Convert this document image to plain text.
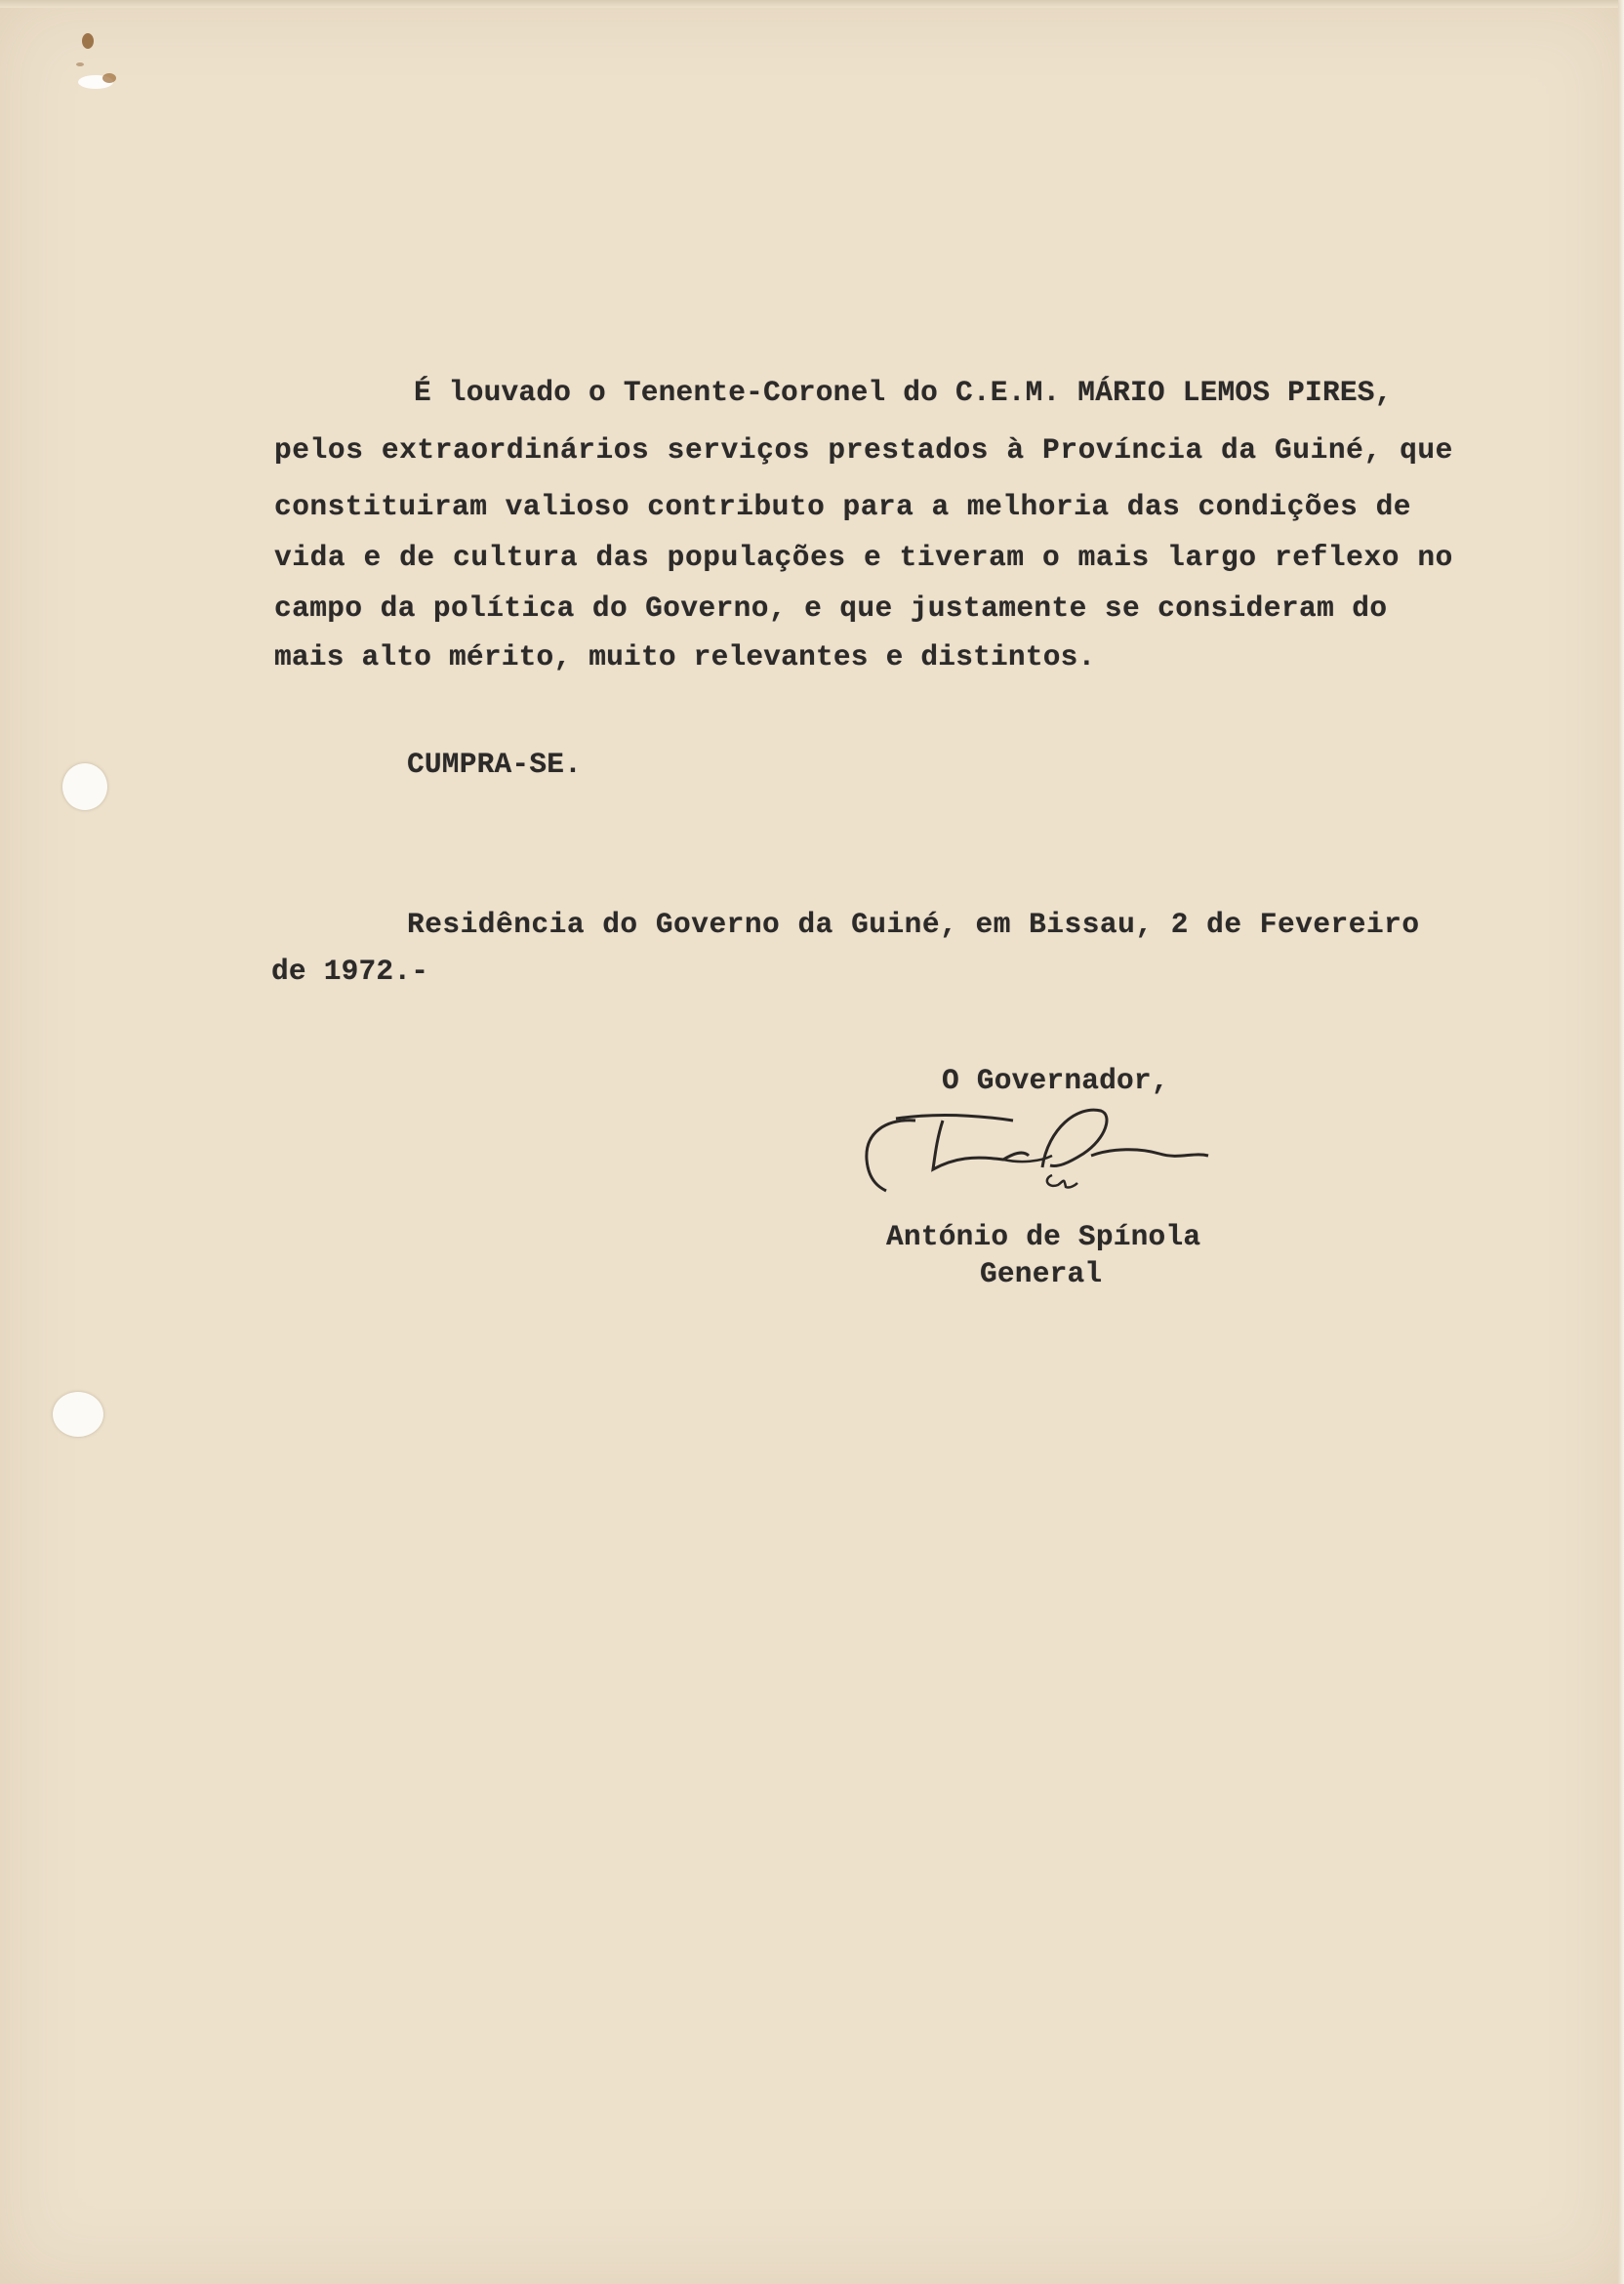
É louvado o Tenente-Coronel do C.E.M. MÁRIO LEMOS PIRES,
pelos extraordinários serviços prestados à Província da Guiné, que
constituiram valioso contributo para a melhoria das condições de
vida e de cultura das populações e tiveram o mais largo reflexo no
campo da política do Governo, e que justamente se consideram do
mais alto mérito, muito relevantes e distintos.
CUMPRA-SE.
Residência do Governo da Guiné, em Bissau, 2 de Fevereiro
de 1972.-
O Governador,
António de Spínola
General
